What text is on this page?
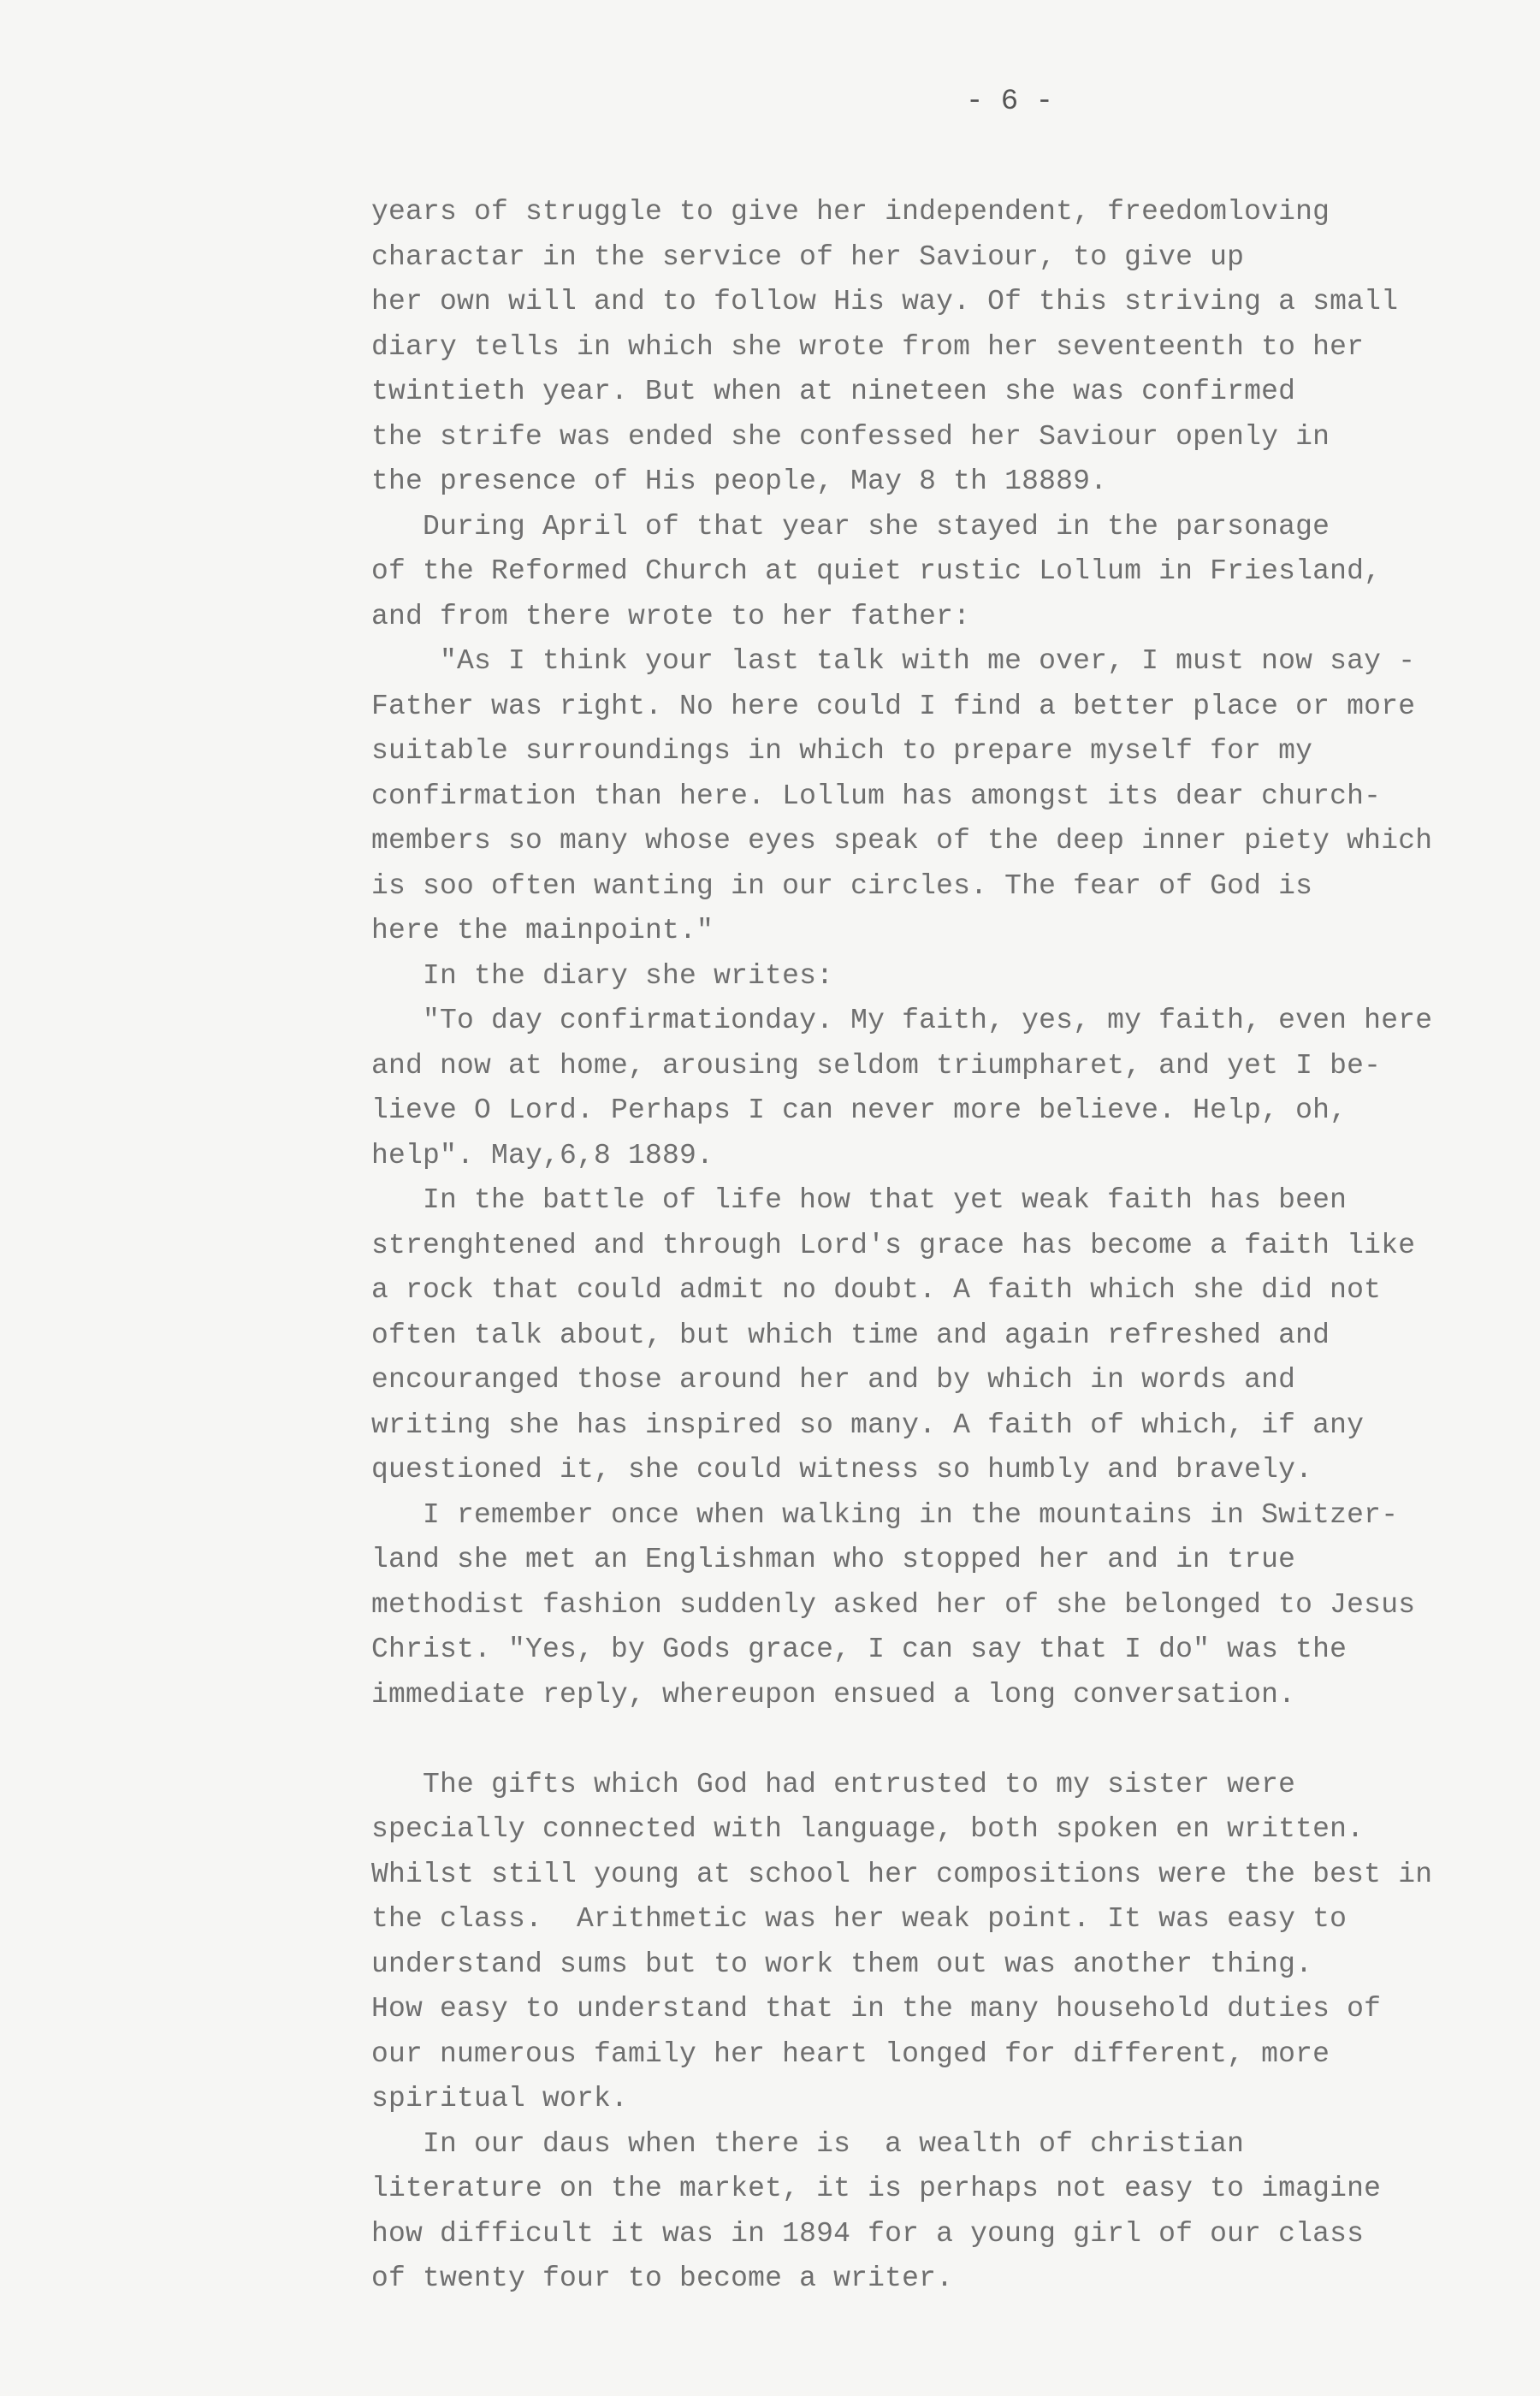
- 6 -
years of struggle to give her independent, freedomloving
charactar in the service of her Saviour, to give up
her own will and to follow His way. Of this striving a small
diary tells in which she wrote from her seventeenth to her
twintieth year. But when at nineteen she was confirmed
the strife was ended she confessed her Saviour openly in
the presence of His people, May 8 th 18889.
During April of that year she stayed in the parsonage
of the Reformed Church at quiet rustic Lollum in Friesland,
and from there wrote to her father:
"As I think your last talk with me over, I must now say -
Father was right. No here could I find a better place or more
suitable surroundings in which to prepare myself for my
confirmation than here. Lollum has amongst its dear church-
members so many whose eyes speak of the deep inner piety which
is soo often wanting in our circles. The fear of God is
here the mainpoint."
In the diary she writes:
"To day confirmationday. My faith, yes, my faith, even here
and now at home, arousing seldom triumpharet, and yet I be-
lieve O Lord. Perhaps I can never more believe. Help, oh,
help". May,6,8 1889.
In the battle of life how that yet weak faith has been
strenghtened and through Lord's grace has become a faith like
a rock that could admit no doubt. A faith which she did not
often talk about, but which time and again refreshed and
encouranged those around her and by which in words and
writing she has inspired so many. A faith of which, if any
questioned it, she could witness so humbly and bravely.
I remember once when walking in the mountains in Switzer-
land she met an Englishman who stopped her and in true
methodist fashion suddenly asked her of she belonged to Jesus
Christ. "Yes, by Gods grace, I can say that I do" was the
immediate reply, whereupon ensued a long conversation.
The gifts which God had entrusted to my sister were
specially connected with language, both spoken en written.
Whilst still young at school her compositions were the best in
the class.  Arithmetic was her weak point. It was easy to
understand sums but to work them out was another thing.
How easy to understand that in the many household duties of
our numerous family her heart longed for different, more
spiritual work.
In our daus when there is  a wealth of christian
literature on the market, it is perhaps not easy to imagine
how difficult it was in 1894 for a young girl of our class
of twenty four to become a writer.
